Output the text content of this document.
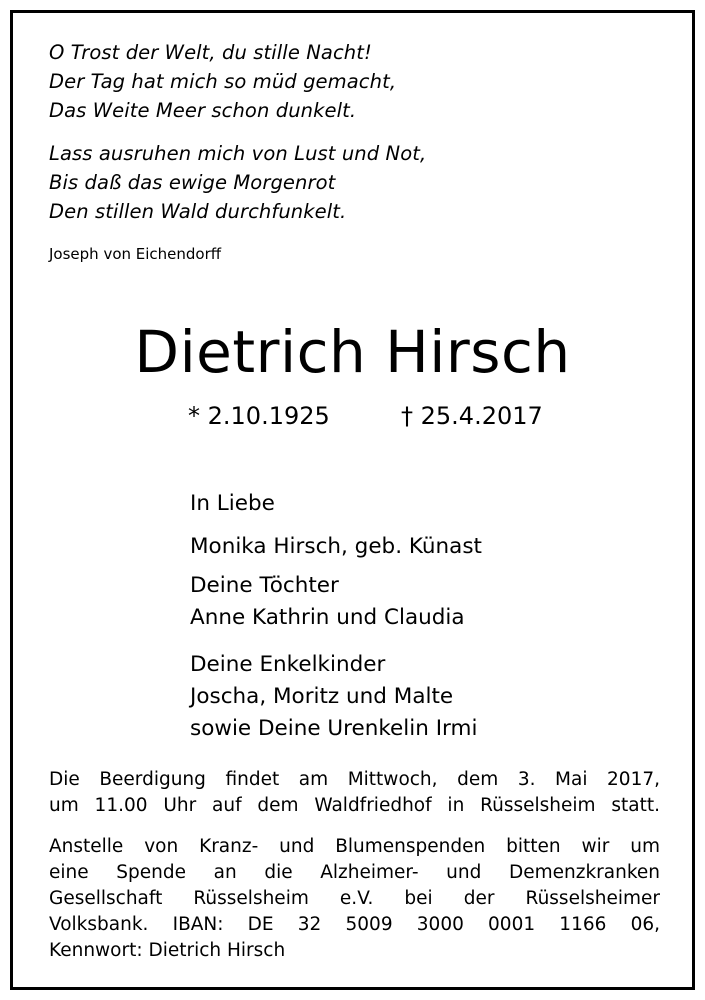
O Trost der Welt, du stille Nacht!
Der Tag hat mich so müd gemacht,
Das Weite Meer schon dunkelt.
Lass ausruhen mich von Lust und Not,
Bis daß das ewige Morgenrot
Den stillen Wald durchfunkelt.
Joseph von Eichendorff
Dietrich Hirsch
* 2.10.1925	† 25.4.2017
In Liebe
Monika Hirsch, geb. Künast
Deine Töchter
Anne Kathrin und Claudia
Deine Enkelkinder
Joscha, Moritz und Malte
sowie Deine Urenkelin Irmi
Die Beerdigung findet am Mittwoch, dem 3. Mai 2017,
um 11.00 Uhr auf dem Waldfriedhof in Rüsselsheim statt.
Anstelle von Kranz- und Blumenspenden bitten wir um
eine Spende an die Alzheimer- und Demenzkranken
Gesellschaft Rüsselsheim e.V. bei der Rüsselsheimer
Volksbank. IBAN: DE 32 5009 3000 0001 1166 06,
Kennwort: Dietrich Hirsch
